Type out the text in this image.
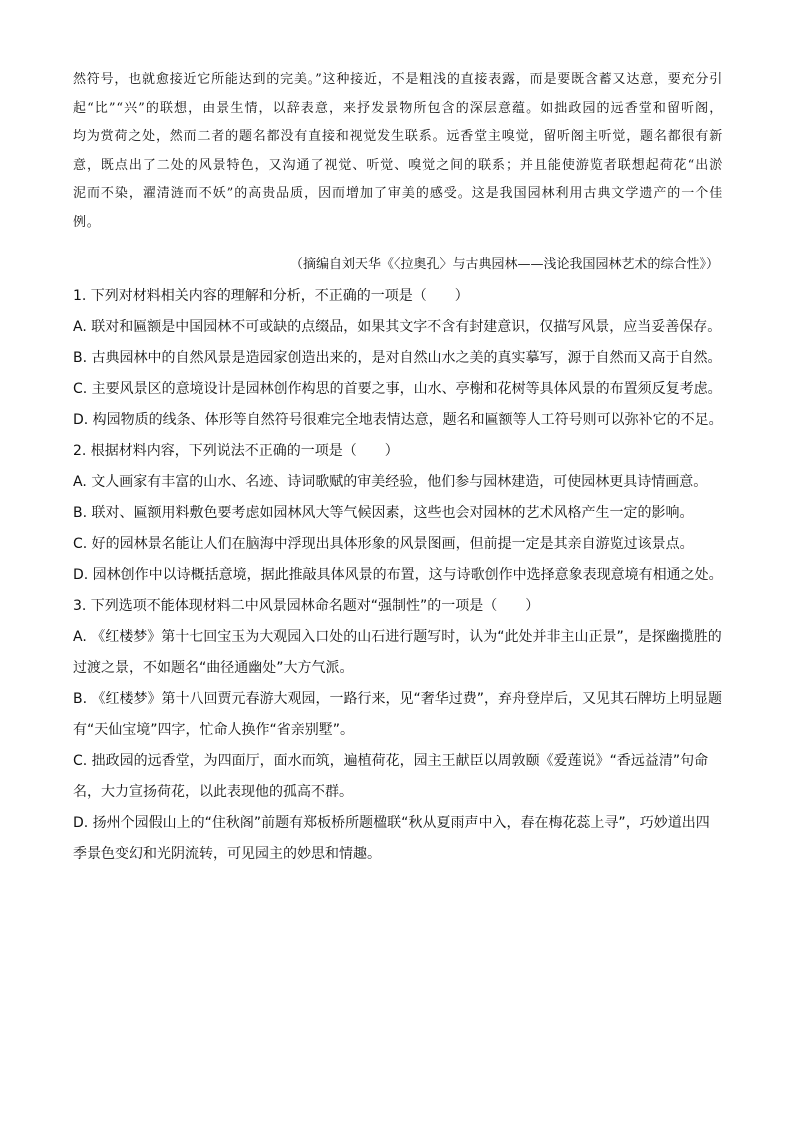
然符号，也就愈接近它所能达到的完美。”这种接近，不是粗浅的直接表露，而是要既含蓄又达意，要充分引起“比”“兴”的联想，由景生情，以辞表意，来抒发景物所包含的深层意蕴。如拙政园的远香堂和留听阁，均为赏荷之处，然而二者的题名都没有直接和视觉发生联系。远香堂主嗅觉，留听阁主听觉，题名都很有新意，既点出了二处的风景特色，又沟通了视觉、听觉、嗅觉之间的联系；并且能使游览者联想起荷花“出淤泥而不染，濯清涟而不妖”的高贵品质，因而增加了审美的感受。这是我国园林利用古典文学遗产的一个佳例。

（摘编自刘天华《〈拉奥孔〉与古典园林——浅论我国园林艺术的综合性》）

1. 下列对材料相关内容的理解和分析，不正确的一项是（　　）

A. 联对和匾额是中国园林不可或缺的点缀品，如果其文字不含有封建意识，仅描写风景，应当妥善保存。

B. 古典园林中的自然风景是造园家创造出来的，是对自然山水之美的真实摹写，源于自然而又高于自然。

C. 主要风景区的意境设计是园林创作构思的首要之事，山水、亭榭和花树等具体风景的布置须反复考虑。

D. 构园物质的线条、体形等自然符号很难完全地表情达意，题名和匾额等人工符号则可以弥补它的不足。

2. 根据材料内容，下列说法不正确的一项是（　　）

A. 文人画家有丰富的山水、名迹、诗词歌赋的审美经验，他们参与园林建造，可使园林更具诗情画意。

B. 联对、匾额用料敷色要考虑如园林风大等气候因素，这些也会对园林的艺术风格产生一定的影响。

C. 好的园林景名能让人们在脑海中浮现出具体形象的风景图画，但前提一定是其亲自游览过该景点。

D. 园林创作中以诗概括意境，据此推敲具体风景的布置，这与诗歌创作中选择意象表现意境有相通之处。

3. 下列选项不能体现材料二中风景园林命名题对“强制性”的一项是（　　）

A. 《红楼梦》第十七回宝玉为大观园入口处的山石进行题写时，认为“此处并非主山正景”，是探幽揽胜的过渡之景，不如题名“曲径通幽处”大方气派。

B. 《红楼梦》第十八回贾元春游大观园，一路行来，见“奢华过费”，弃舟登岸后，又见其石牌坊上明显题有“天仙宝境”四字，忙命人换作“省亲别墅”。

C. 拙政园的远香堂，为四面厅，面水而筑，遍植荷花，园主王献臣以周敦颐《爱莲说》“香远益清”句命名，大力宣扬荷花，以此表现他的孤高不群。

D. 扬州个园假山上的“住秋阁”前题有郑板桥所题楹联“秋从夏雨声中入，春在梅花蕊上寻”，巧妙道出四季景色变幻和光阴流转，可见园主的妙思和情趣。
